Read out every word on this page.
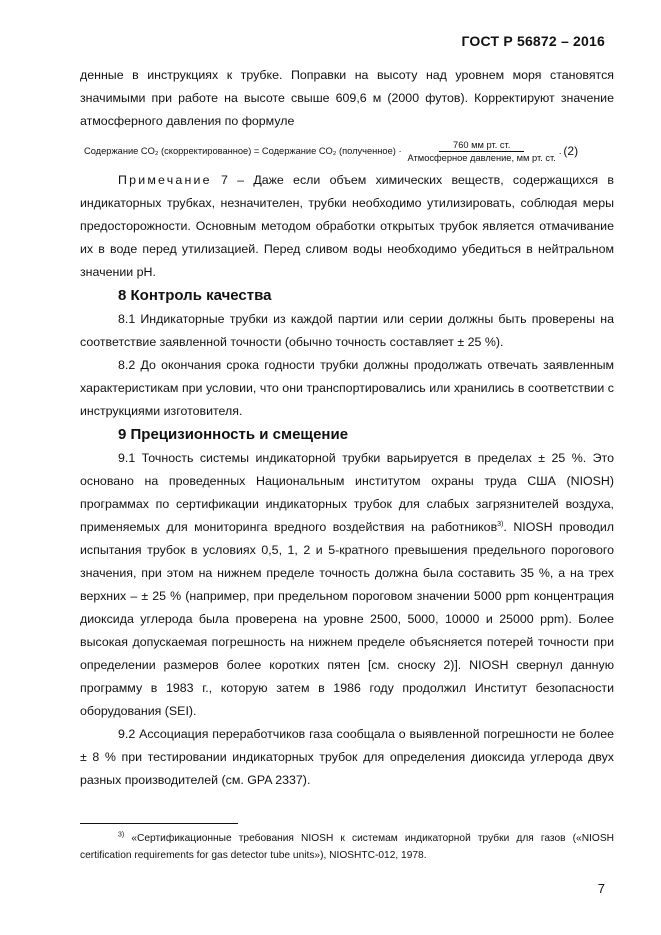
ГОСТ Р 56872 – 2016

денные в инструкциях к трубке. Поправки на высоту над уровнем моря становятся значимыми при работе на высоте свыше 609,6 м (2000 футов). Корректируют значение атмосферного давления по формуле

Содержание CO₂ (скорректированное) = Содержание CO₂ (полученное) · $\frac{\text{760 мм рт. ст.}}{\text{Атмосферное давление, мм рт. ст.}}$ . (2)

Примечание 7 – Даже если объем химических веществ, содержащихся в индикаторных трубках, незначителен, трубки необходимо утилизировать, соблюдая меры предосторожности. Основным методом обработки открытых трубок является отмачивание их в воде перед утилизацией. Перед сливом воды необходимо убедиться в нейтральном значении pH.

8 Контроль качества

8.1 Индикаторные трубки из каждой партии или серии должны быть проверены на соответствие заявленной точности (обычно точность составляет ± 25 %).

8.2 До окончания срока годности трубки должны продолжать отвечать заявленным характеристикам при условии, что они транспортировались или хранились в соответствии с инструкциями изготовителя.

9 Прецизионность и смещение

9.1 Точность системы индикаторной трубки варьируется в пределах ± 25 %. Это основано на проведенных Национальным институтом охраны труда США (NIOSH) программах по сертификации индикаторных трубок для слабых загрязнителей воздуха, применяемых для мониторинга вредного воздействия на работников$^{3)}$. NIOSH проводил испытания трубок в условиях 0,5, 1, 2 и 5-кратного превышения предельного порогового значения, при этом на нижнем пределе точность должна была составить 35 %, а на трех верхних – ± 25 % (например, при предельном пороговом значении 5000 ppm концентрация диоксида углерода была проверена на уровне 2500, 5000, 10000 и 25000 ppm). Более высокая допускаемая погрешность на нижнем пределе объясняется потерей точности при определении размеров более коротких пятен [см. сноску 2)]. NIOSH свернул данную программу в 1983 г., которую затем в 1986 году продолжил Институт безопасности оборудования (SEI).

9.2 Ассоциация переработчиков газа сообщала о выявленной погрешности не более ± 8 % при тестировании индикаторных трубок для определения диоксида углерода двух разных производителей (см. GPA 2337).

$^{3)}$ «Сертификационные требования NIOSH к системам индикаторной трубки для газов («NIOSH certification requirements for gas detector tube units»), NIOSHTC-012, 1978.
7
